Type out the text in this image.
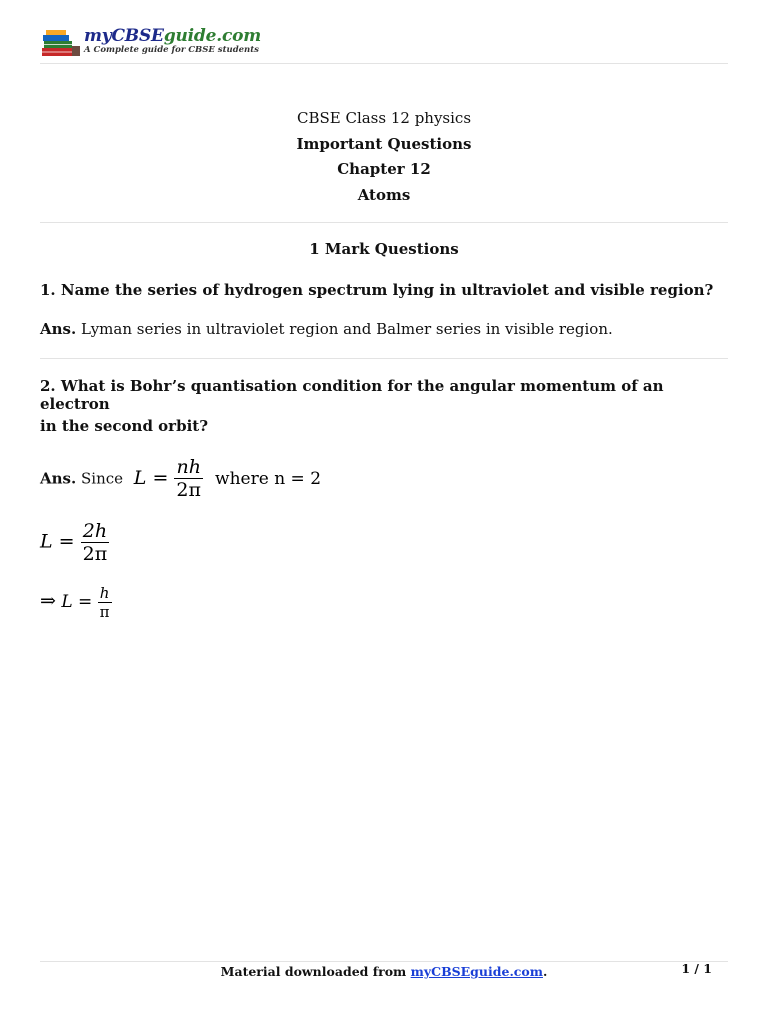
myCBSEguide.com
A Complete guide for CBSE students

CBSE Class 12 physics

Important Questions

Chapter 12

Atoms

1 Mark Questions
1. Name the series of hydrogen spectrum lying in ultraviolet and visible region?
Ans. Lyman series in ultraviolet region and Balmer series in visible region.
2. What is Bohr’s quantisation condition for the angular momentum of an electron
in the second orbit?
Ans. Since $L = \frac{nh}{2\pi}$ where n = 2
$L = \frac{2h}{2\pi}$
⇒ $L = \frac{h}{\pi}$
Material downloaded from myCBSEguide.com.	1 / 1
